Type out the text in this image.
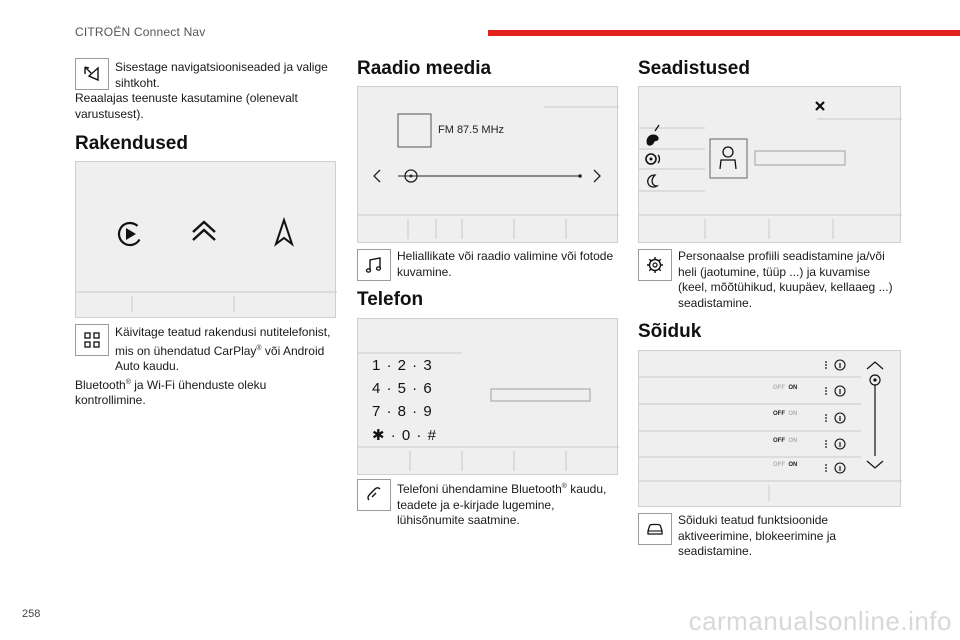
CITROËN Connect Nav
Sisestage navigatsiooniseaded ja valige sihtkoht.
Reaalajas teenuste kasutamine (olenevalt varustusest).
Rakendused
Käivitage teatud rakendusi nutitelefonist, mis on ühendatud CarPlay® või Android Auto kaudu.
Bluetooth® ja Wi-Fi ühenduste oleku kontrollimine.
Raadio meedia
FM 87.5 MHz
Heliallikate või raadio valimine või fotode kuvamine.
Telefon
1 · 2 · 3
4 · 5 · 6
7 · 8 · 9
✱ · 0 · #
Telefoni ühendamine Bluetooth® kaudu, teadete ja e-kirjade lugemine, lühisõnumite saatmine.
Seadistused
Personaalse profiili seadistamine ja/või heli (jaotumine, tüüp ...) ja kuvamise (keel, mõõtühikud, kuupäev, kellaaeg ...) seadistamine.
Sõiduk
OFF ON
OFF ON
OFF ON
OFF ON
Sõiduki teatud funktsioonide aktiveerimine, blokeerimine ja seadistamine.
258	carmanualsonline.info
